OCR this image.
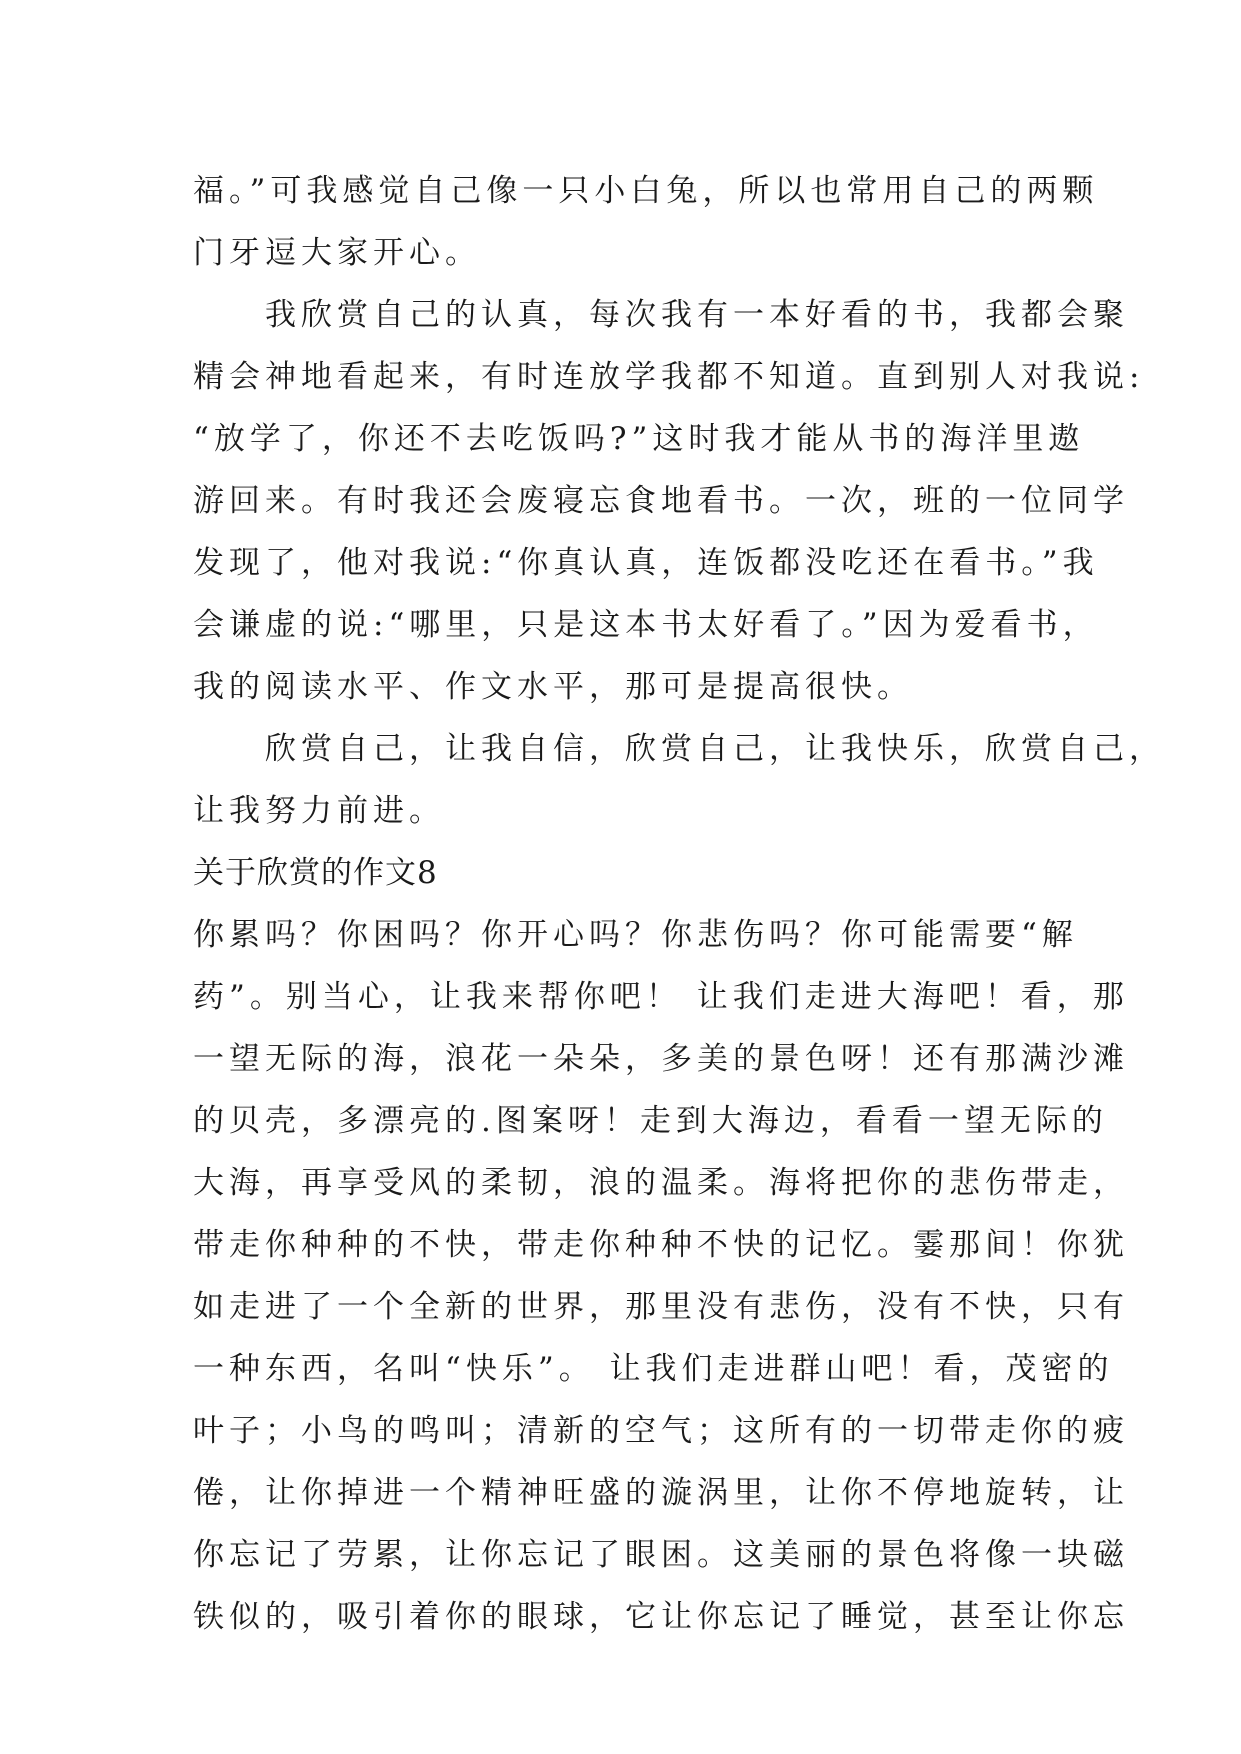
福。”可我感觉自己像一只小白兔，所以也常用自己的两颗
门牙逗大家开心。
我欣赏自己的认真，每次我有一本好看的书，我都会聚
精会神地看起来，有时连放学我都不知道。直到别人对我说:
“放学了，你还不去吃饭吗?”这时我才能从书的海洋里遨
游回来。有时我还会废寝忘食地看书。一次，班的一位同学
发现了，他对我说:“你真认真，连饭都没吃还在看书。”我
会谦虚的说:“哪里，只是这本书太好看了。”因为爱看书，
我的阅读水平、作文水平，那可是提高很快。
欣赏自己，让我自信，欣赏自己，让我快乐，欣赏自己，
让我努力前进。
关于欣赏的作文8
你累吗？你困吗？你开心吗？你悲伤吗？你可能需要“解
药”。别当心，让我来帮你吧！ 让我们走进大海吧！看，那
一望无际的海，浪花一朵朵，多美的景色呀！还有那满沙滩
的贝壳，多漂亮的.图案呀！走到大海边，看看一望无际的
大海，再享受风的柔韧，浪的温柔。海将把你的悲伤带走，
带走你种种的不快，带走你种种不快的记忆。霎那间！你犹
如走进了一个全新的世界，那里没有悲伤，没有不快，只有
一种东西，名叫“快乐”。 让我们走进群山吧！看，茂密的
叶子；小鸟的鸣叫；清新的空气；这所有的一切带走你的疲
倦，让你掉进一个精神旺盛的漩涡里，让你不停地旋转，让
你忘记了劳累，让你忘记了眼困。这美丽的景色将像一块磁
铁似的，吸引着你的眼球，它让你忘记了睡觉，甚至让你忘
